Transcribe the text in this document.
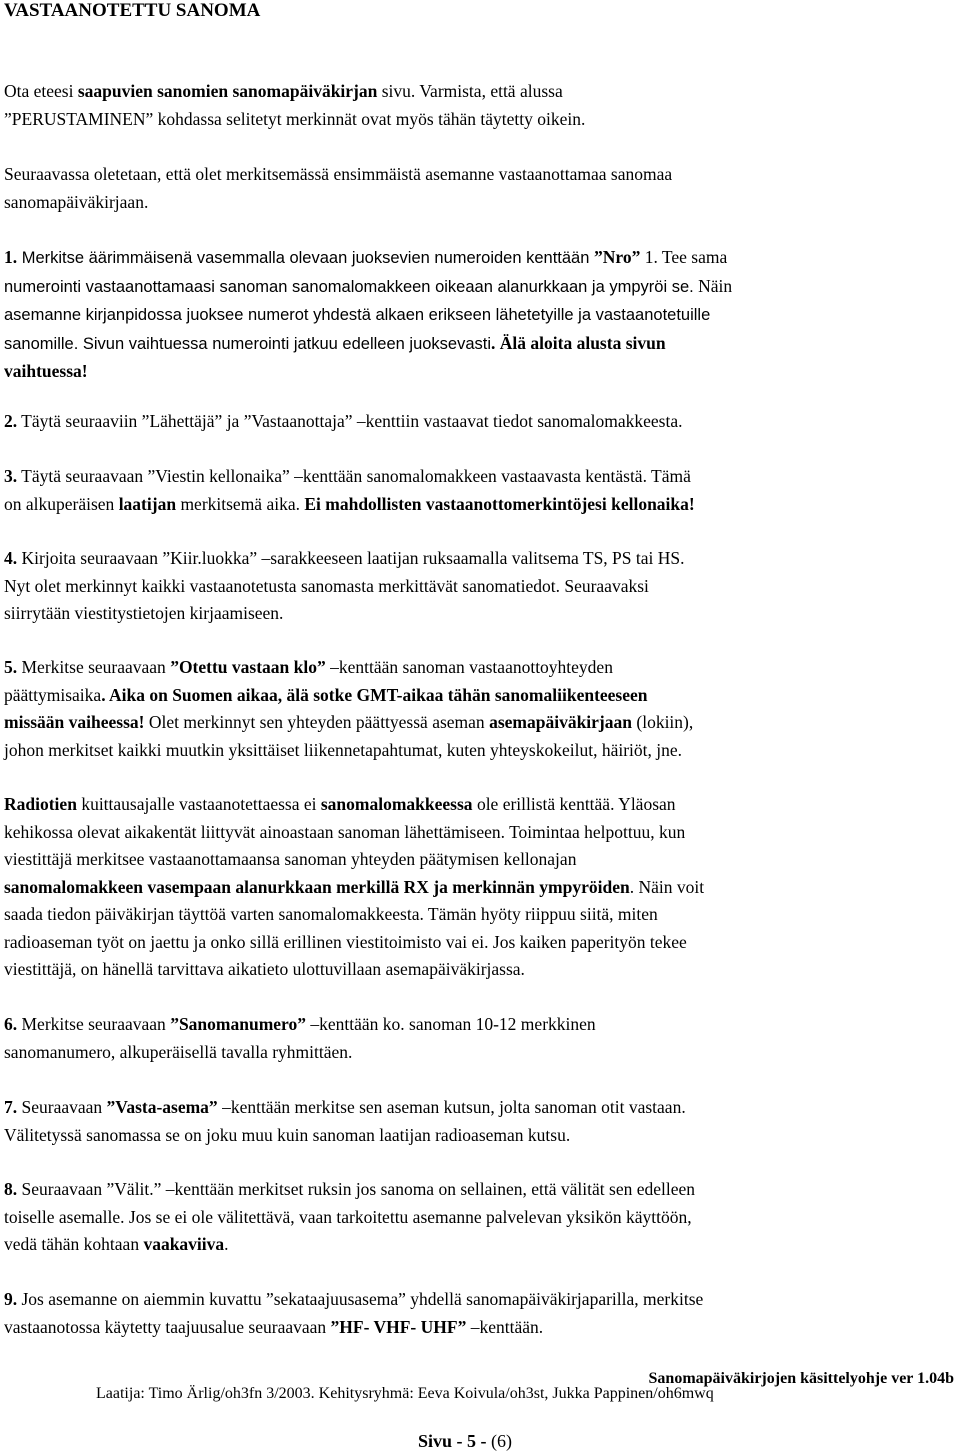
VASTAANOTETTU SANOMA

Ota eteesi saapuvien sanomien sanomapäiväkirjan sivu. Varmista, että alussa
”PERUSTAMINEN” kohdassa selitetyt merkinnät ovat myös tähän täytetty oikein.

Seuraavassa oletetaan, että olet merkitsemässä ensimmäistä asemanne vastaanottamaa sanomaa
sanomapäiväkirjaan.

1. Merkitse äärimmäisenä vasemmalla olevaan juoksevien numeroiden kenttään ”Nro” 1. Tee sama
numerointi vastaanottamaasi sanoman sanomalomakkeen oikeaan alanurkkaan ja ympyröi se. Näin
asemanne kirjanpidossa juoksee numerot yhdestä alkaen erikseen lähetetyille ja vastaanotetuille
sanomille. Sivun vaihtuessa numerointi jatkuu edelleen juoksevasti. Älä aloita alusta sivun
vaihtuessa!

2. Täytä seuraaviin ”Lähettäjä” ja ”Vastaanottaja” –kenttiin vastaavat tiedot sanomalomakkeesta.

3. Täytä seuraavaan ”Viestin kellonaika” –kenttään sanomalomakkeen vastaavasta kentästä. Tämä
on alkuperäisen laatijan merkitsemä aika. Ei mahdollisten vastaanottomerkintöjesi kellonaika!

4. Kirjoita seuraavaan ”Kiir.luokka” –sarakkeeseen laatijan ruksaamalla valitsema TS, PS tai HS.
Nyt olet merkinnyt kaikki vastaanotetusta sanomasta merkittävät sanomatiedot. Seuraavaksi
siirrytään viestitystietojen kirjaamiseen.

5. Merkitse seuraavaan ”Otettu vastaan klo” –kenttään sanoman vastaanottoyhteyden
päättymisaika. Aika on Suomen aikaa, älä sotke GMT-aikaa tähän sanomaliikenteeseen
missään vaiheessa! Olet merkinnyt sen yhteyden päättyessä aseman asemapäiväkirjaan (lokiin),
johon merkitset kaikki muutkin yksittäiset liikennetapahtumat, kuten yhteyskokeilut, häiriöt, jne.

Radiotien kuittausajalle vastaanotettaessa ei sanomalomakkeessa ole erillistä kenttää. Yläosan
kehikossa olevat aikakentät liittyvät ainoastaan sanoman lähettämiseen. Toimintaa helpottuu, kun
viestittäjä merkitsee vastaanottamaansa sanoman yhteyden päätymisen kellonajan
sanomalomakkeen vasempaan alanurkkaan merkillä RX ja merkinnän ympyröiden. Näin voit
saada tiedon päiväkirjan täyttöä varten sanomalomakkeesta. Tämän hyöty riippuu siitä, miten
radioaseman työt on jaettu ja onko sillä erillinen viestitoimisto vai ei. Jos kaiken paperityön tekee
viestittäjä, on hänellä tarvittava aikatieto ulottuvillaan asemapäiväkirjassa.

6. Merkitse seuraavaan ”Sanomanumero” –kenttään ko. sanoman 10-12 merkkinen
sanomanumero, alkuperäisellä tavalla ryhmittäen.

7. Seuraavaan ”Vasta-asema” –kenttään merkitse sen aseman kutsun, jolta sanoman otit vastaan.
Välitetyssä sanomassa se on joku muu kuin sanoman laatijan radioaseman kutsu.

8. Seuraavaan ”Välit.” –kenttään merkitset ruksin jos sanoma on sellainen, että välität sen edelleen
toiselle asemalle. Jos se ei ole välitettävä, vaan tarkoitettu asemanne palvelevan yksikön käyttöön,
vedä tähän kohtaan vaakaviiva.

9. Jos asemanne on aiemmin kuvattu ”sekataajuusasema” yhdellä sanomapäiväkirjaparilla, merkitse
vastaanotossa käytetty taajuusalue seuraavaan ”HF- VHF- UHF” –kenttään.

Sanomapäiväkirjojen käsittelyohje ver 1.04b
Laatija: Timo Ärlig/oh3fn 3/2003. Kehitysryhmä: Eeva Koivula/oh3st, Jukka Pappinen/oh6mwq
Sivu - 5 - (6)
